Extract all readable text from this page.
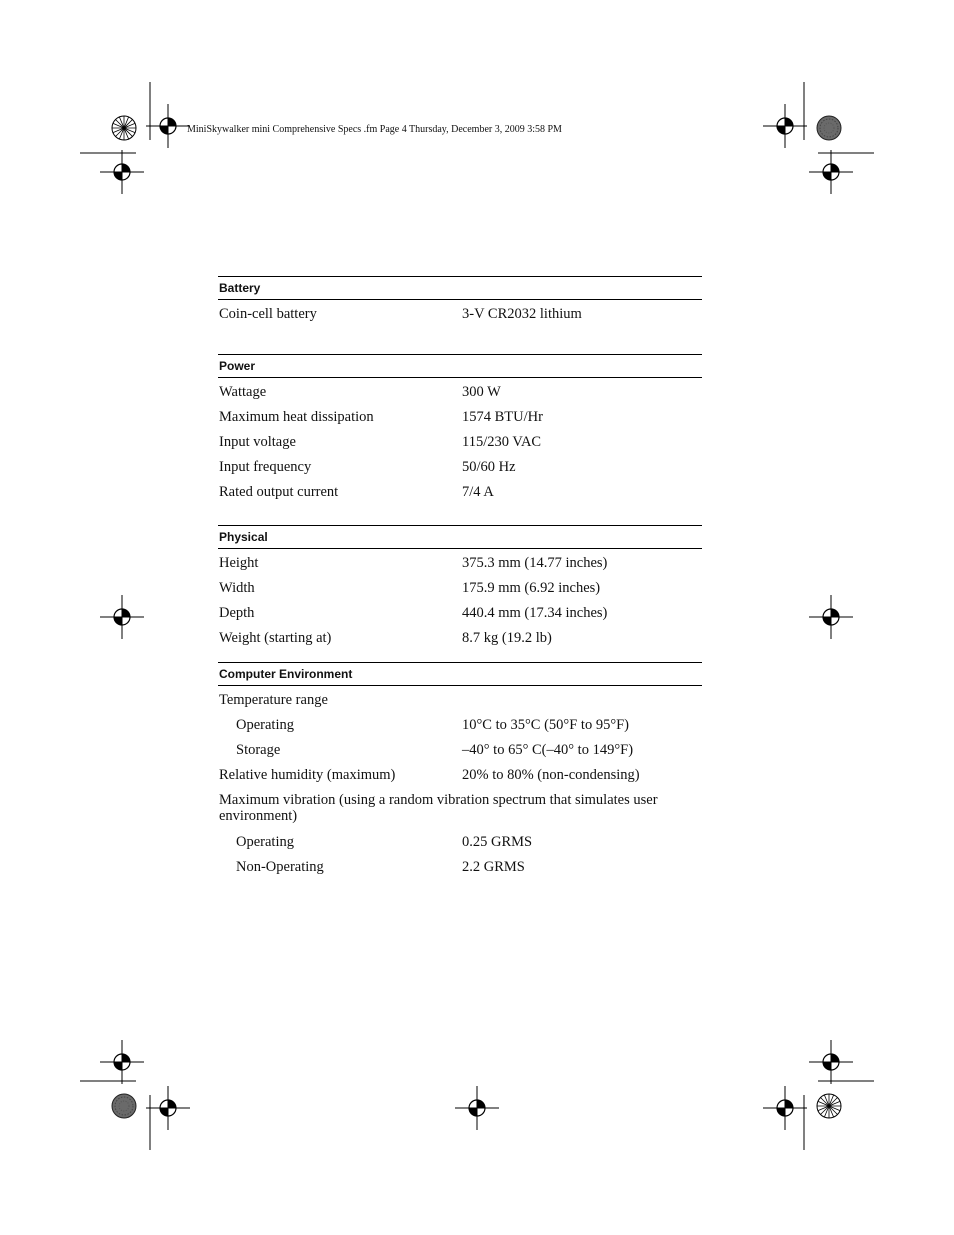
MiniSkywalker mini Comprehensive Specs .fm Page 4 Thursday, December 3, 2009 3:58 PM
Battery
Coin-cell battery	3-V CR2032 lithium
Power
Wattage	300 W
Maximum heat dissipation	1574 BTU/Hr
Input voltage	115/230 VAC
Input frequency	50/60 Hz
Rated output current	7/4 A
Physical
Height	375.3 mm (14.77 inches)
Width	175.9 mm (6.92 inches)
Depth	440.4 mm (17.34 inches)
Weight (starting at)	8.7 kg (19.2 lb)
Computer Environment
Temperature range
Operating	10°C to 35°C (50°F to 95°F)
Storage	–40° to 65° C(–40° to 149°F)
Relative humidity (maximum)	20% to 80% (non-condensing)
Maximum vibration (using a random vibration spectrum that simulates user environment)
Operating	0.25 GRMS
Non-Operating	2.2 GRMS
